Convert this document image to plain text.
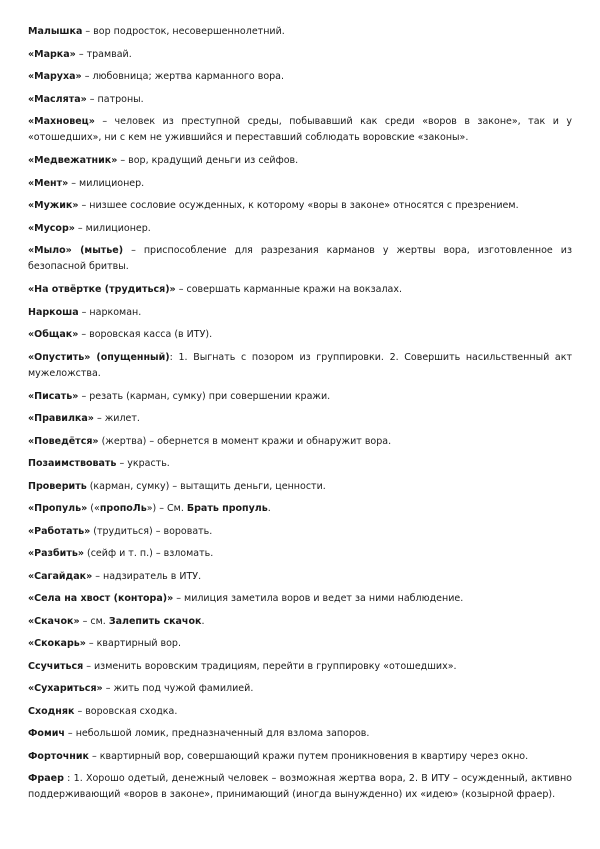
Малышка – вор подросток, несовершеннолетний.

«Марка» – трамвай.

«Маруха» – любовница; жертва карманного вора.

«Маслята» – патроны.

«Махновец» – человек из преступной среды, побывавший как среди «воров в законе», так и у «отошедших», ни с кем не ужившийся и переставший соблюдать воровские «законы».

«Медвежатник» – вор, крадущий деньги из сейфов.

«Мент» – милиционер.

«Мужик» – низшее сословие осужденных, к которому «воры в законе» относятся с презрением.

«Мусор» – милиционер.

«Мыло» (мытье) – приспособление для разрезания карманов у жертвы вора, изготовленное из безопасной бритвы.

«На отвёртке (трудиться)» – совершать карманные кражи на вокзалах.

Наркоша – наркоман.

«Общак» – воровская касса (в ИТУ).

«Опустить» (опущенный): 1. Выгнать с позором из группировки. 2. Совершить насильственный акт мужеложства.

«Писать» – резать (карман, сумку) при совершении кражи.

«Правилка» – жилет.

«Поведётся» (жертва) – обернется в момент кражи и обнаружит вора.

Позаимствовать – украсть.

Проверить (карман, сумку) – вытащить деньги, ценности.

«Пропуль» («пропоЛь») – См. Брать пропуль.

«Работать» (трудиться) – воровать.

«Разбить» (сейф и т. п.) – взломать.

«Сагайдак» – надзиратель в ИТУ.

«Села на хвост (контора)» – милиция заметила воров и ведет за ними наблюдение.

«Скачок» – см. Залепить скачок.

«Скокарь» – квартирный вор.

Ссучиться – изменить воровским традициям, перейти в группировку «отошедших».

«Сухариться» – жить под чужой фамилией.

Сходняк – воровская сходка.

Фомич – небольшой ломик, предназначенный для взлома запоров.

Форточник – квартирный вор, совершающий кражи путем проникновения в квартиру через окно.

Фраер : 1. Хорошо одетый, денежный человек – возможная жертва вора, 2. В ИТУ – осужденный, активно поддерживающий «воров в законе», принимающий (иногда вынужденно) их «идею» (козырной фраер).
